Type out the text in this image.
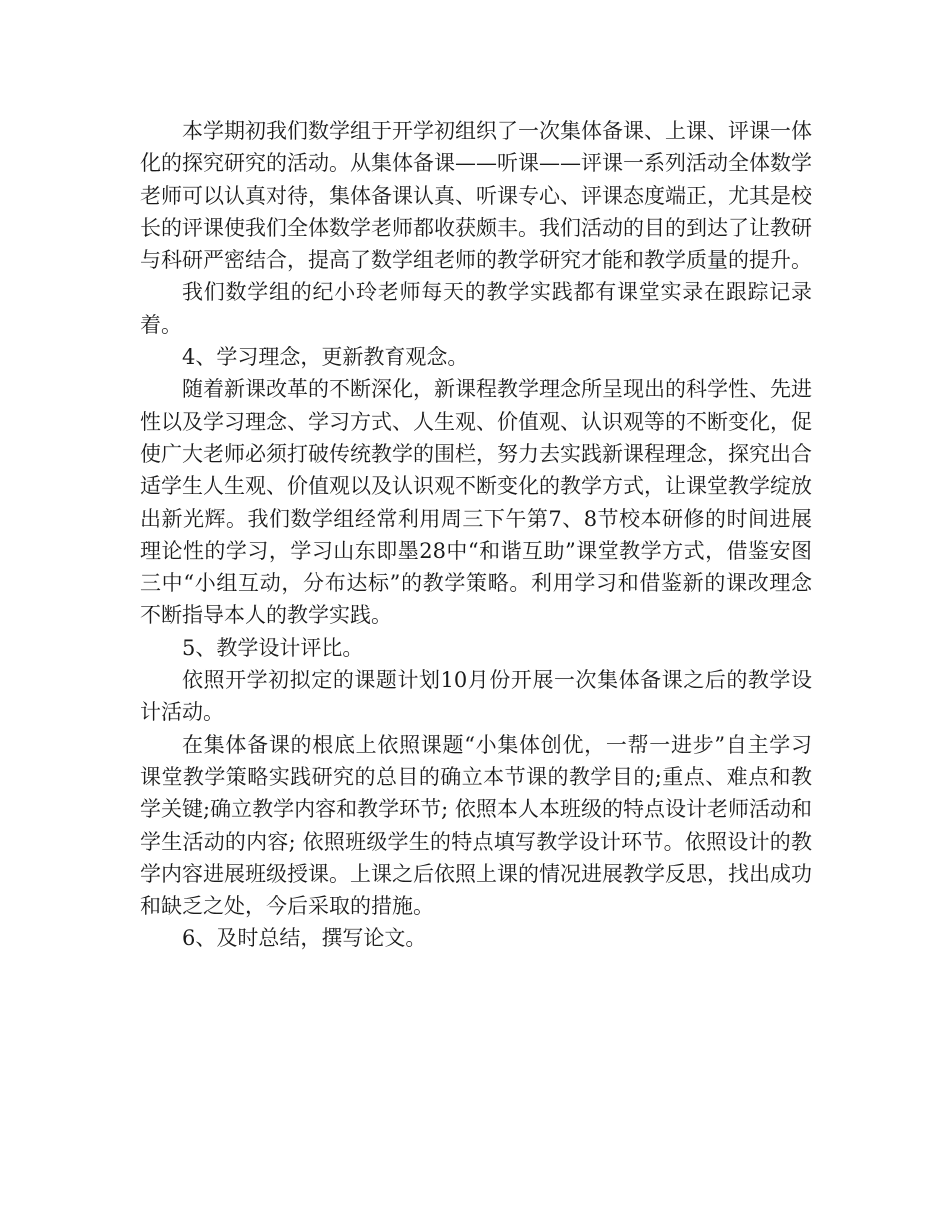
本学期初我们数学组于开学初组织了一次集体备课、上课、评课一体化的探究研究的活动。从集体备课——听课——评课一系列活动全体数学老师可以认真对待，集体备课认真、听课专心、评课态度端正，尤其是校长的评课使我们全体数学老师都收获颇丰。我们活动的目的到达了让教研与科研严密结合，提高了数学组老师的教学研究才能和教学质量的提升。

我们数学组的纪小玲老师每天的教学实践都有课堂实录在跟踪记录着。

4、学习理念，更新教育观念。

随着新课改革的不断深化，新课程教学理念所呈现出的科学性、先进性以及学习理念、学习方式、人生观、价值观、认识观等的不断变化，促使广大老师必须打破传统教学的围栏，努力去实践新课程理念，探究出合适学生人生观、价值观以及认识观不断变化的教学方式，让课堂教学绽放出新光辉。我们数学组经常利用周三下午第7、8节校本研修的时间进展理论性的学习，学习山东即墨28中“和谐互助”课堂教学方式，借鉴安图三中“小组互动，分布达标”的教学策略。利用学习和借鉴新的课改理念不断指导本人的教学实践。

5、教学设计评比。

依照开学初拟定的课题计划10月份开展一次集体备课之后的教学设计活动。

在集体备课的根底上依照课题“小集体创优，一帮一进步”自主学习课堂教学策略实践研究的总目的确立本节课的教学目的;重点、难点和教学关键;确立教学内容和教学环节; 依照本人本班级的特点设计老师活动和学生活动的内容; 依照班级学生的特点填写教学设计环节。依照设计的教学内容进展班级授课。上课之后依照上课的情况进展教学反思，找出成功和缺乏之处，今后采取的措施。

6、及时总结，撰写论文。
